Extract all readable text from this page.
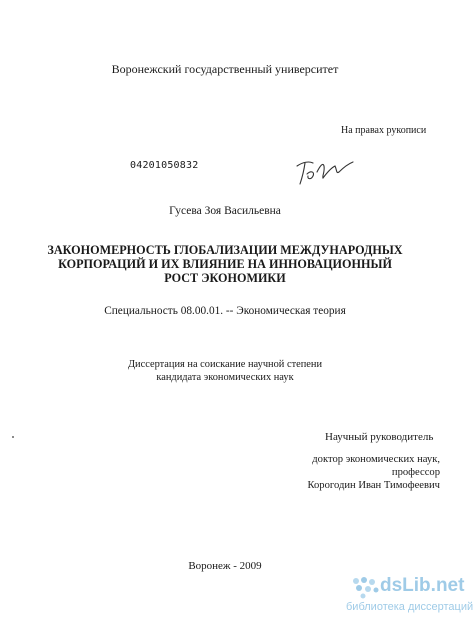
Воронежский государственный университет
На правах рукописи
04201050832
Гусева Зоя Васильевна
ЗАКОНОМЕРНОСТЬ ГЛОБАЛИЗАЦИИ МЕЖДУНАРОДНЫХ
КОРПОРАЦИЙ И ИХ ВЛИЯНИЕ НА ИННОВАЦИОННЫЙ
РОСТ ЭКОНОМИКИ
Специальность 08.00.01. -- Экономическая теория
Диссертация на соискание научной степени
кандидата экономических наук
Научный руководитель
доктор экономических наук,
профессор
Корогодин Иван Тимофеевич
Воронеж - 2009
dsLib.net
библиотека диссертаций
